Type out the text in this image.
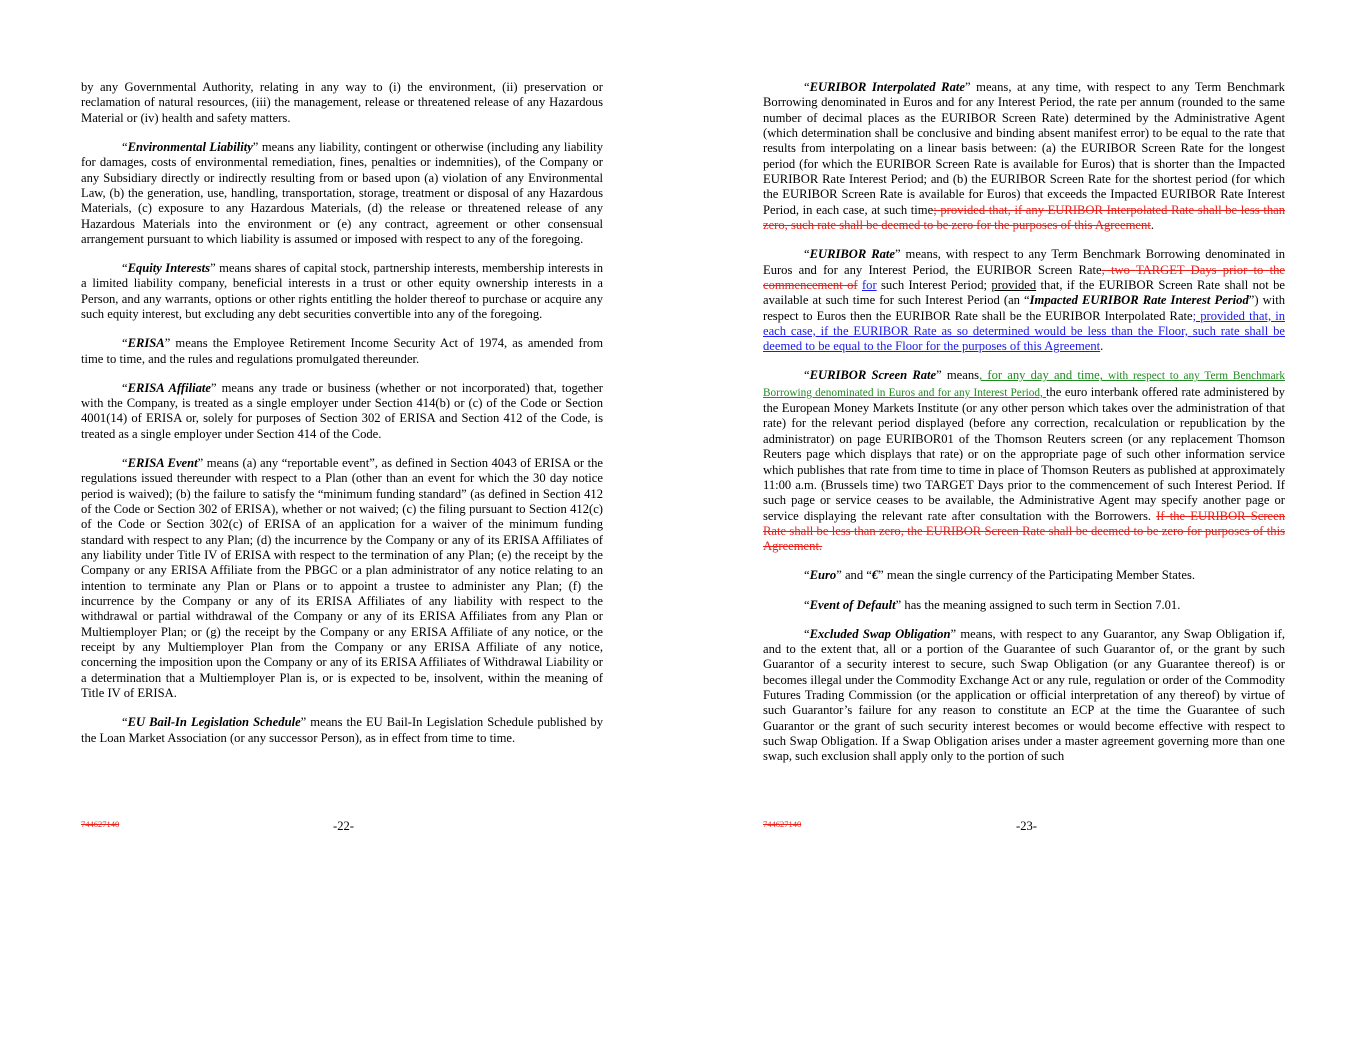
by any Governmental Authority, relating in any way to (i) the environment, (ii) preservation or reclamation of natural resources, (iii) the management, release or threatened release of any Hazardous Material or (iv) health and safety matters.

“Environmental Liability” means any liability, contingent or otherwise (including any liability for damages, costs of environmental remediation, fines, penalties or indemnities), of the Company or any Subsidiary directly or indirectly resulting from or based upon (a) violation of any Environmental Law, (b) the generation, use, handling, transportation, storage, treatment or disposal of any Hazardous Materials, (c) exposure to any Hazardous Materials, (d) the release or threatened release of any Hazardous Materials into the environment or (e) any contract, agreement or other consensual arrangement pursuant to which liability is assumed or imposed with respect to any of the foregoing.

“Equity Interests” means shares of capital stock, partnership interests, membership interests in a limited liability company, beneficial interests in a trust or other equity ownership interests in a Person, and any warrants, options or other rights entitling the holder thereof to purchase or acquire any such equity interest, but excluding any debt securities convertible into any of the foregoing.

“ERISA” means the Employee Retirement Income Security Act of 1974, as amended from time to time, and the rules and regulations promulgated thereunder.

“ERISA Affiliate” means any trade or business (whether or not incorporated) that, together with the Company, is treated as a single employer under Section 414(b) or (c) of the Code or Section 4001(14) of ERISA or, solely for purposes of Section 302 of ERISA and Section 412 of the Code, is treated as a single employer under Section 414 of the Code.

“ERISA Event” means (a) any “reportable event”, as defined in Section 4043 of ERISA or the regulations issued thereunder with respect to a Plan (other than an event for which the 30 day notice period is waived); (b) the failure to satisfy the “minimum funding standard” (as defined in Section 412 of the Code or Section 302 of ERISA), whether or not waived; (c) the filing pursuant to Section 412(c) of the Code or Section 302(c) of ERISA of an application for a waiver of the minimum funding standard with respect to any Plan; (d) the incurrence by the Company or any of its ERISA Affiliates of any liability under Title IV of ERISA with respect to the termination of any Plan; (e) the receipt by the Company or any ERISA Affiliate from the PBGC or a plan administrator of any notice relating to an intention to terminate any Plan or Plans or to appoint a trustee to administer any Plan; (f) the incurrence by the Company or any of its ERISA Affiliates of any liability with respect to the withdrawal or partial withdrawal of the Company or any of its ERISA Affiliates from any Plan or Multiemployer Plan; or (g) the receipt by the Company or any ERISA Affiliate of any notice, or the receipt by any Multiemployer Plan from the Company or any ERISA Affiliate of any notice, concerning the imposition upon the Company or any of its ERISA Affiliates of Withdrawal Liability or a determination that a Multiemployer Plan is, or is expected to be, insolvent, within the meaning of Title IV of ERISA.

“EU Bail-In Legislation Schedule” means the EU Bail-In Legislation Schedule published by the Loan Market Association (or any successor Person), as in effect from time to time.

744627140	-22-

“EURIBOR Interpolated Rate” means, at any time, with respect to any Term Benchmark Borrowing denominated in Euros and for any Interest Period, the rate per annum (rounded to the same number of decimal places as the EURIBOR Screen Rate) determined by the Administrative Agent (which determination shall be conclusive and binding absent manifest error) to be equal to the rate that results from interpolating on a linear basis between: (a) the EURIBOR Screen Rate for the longest period (for which the EURIBOR Screen Rate is available for Euros) that is shorter than the Impacted EURIBOR Rate Interest Period; and (b) the EURIBOR Screen Rate for the shortest period (for which the EURIBOR Screen Rate is available for Euros) that exceeds the Impacted EURIBOR Rate Interest Period, in each case, at such time; provided that, if any EURIBOR Interpolated Rate shall be less than zero, such rate shall be deemed to be zero for the purposes of this Agreement.

“EURIBOR Rate” means, with respect to any Term Benchmark Borrowing denominated in Euros and for any Interest Period, the EURIBOR Screen Rate, two TARGET Days prior to the commencement of for such Interest Period; provided that, if the EURIBOR Screen Rate shall not be available at such time for such Interest Period (an “Impacted EURIBOR Rate Interest Period”) with respect to Euros then the EURIBOR Rate shall be the EURIBOR Interpolated Rate; provided that, in each case, if the EURIBOR Rate as so determined would be less than the Floor, such rate shall be deemed to be equal to the Floor for the purposes of this Agreement.

“EURIBOR Screen Rate” means, for any day and time, with respect to any Term Benchmark Borrowing denominated in Euros and for any Interest Period, the euro interbank offered rate administered by the European Money Markets Institute (or any other person which takes over the administration of that rate) for the relevant period displayed (before any correction, recalculation or republication by the administrator) on page EURIBOR01 of the Thomson Reuters screen (or any replacement Thomson Reuters page which displays that rate) or on the appropriate page of such other information service which publishes that rate from time to time in place of Thomson Reuters as published at approximately 11:00 a.m. (Brussels time) two TARGET Days prior to the commencement of such Interest Period. If such page or service ceases to be available, the Administrative Agent may specify another page or service displaying the relevant rate after consultation with the Borrowers. If the EURIBOR Screen Rate shall be less than zero, the EURIBOR Screen Rate shall be deemed to be zero for purposes of this Agreement.

“Euro” and “€” mean the single currency of the Participating Member States.

“Event of Default” has the meaning assigned to such term in Section 7.01.

“Excluded Swap Obligation” means, with respect to any Guarantor, any Swap Obligation if, and to the extent that, all or a portion of the Guarantee of such Guarantor of, or the grant by such Guarantor of a security interest to secure, such Swap Obligation (or any Guarantee thereof) is or becomes illegal under the Commodity Exchange Act or any rule, regulation or order of the Commodity Futures Trading Commission (or the application or official interpretation of any thereof) by virtue of such Guarantor’s failure for any reason to constitute an ECP at the time the Guarantee of such Guarantor or the grant of such security interest becomes or would become effective with respect to such Swap Obligation. If a Swap Obligation arises under a master agreement governing more than one swap, such exclusion shall apply only to the portion of such

744627140	-23-
